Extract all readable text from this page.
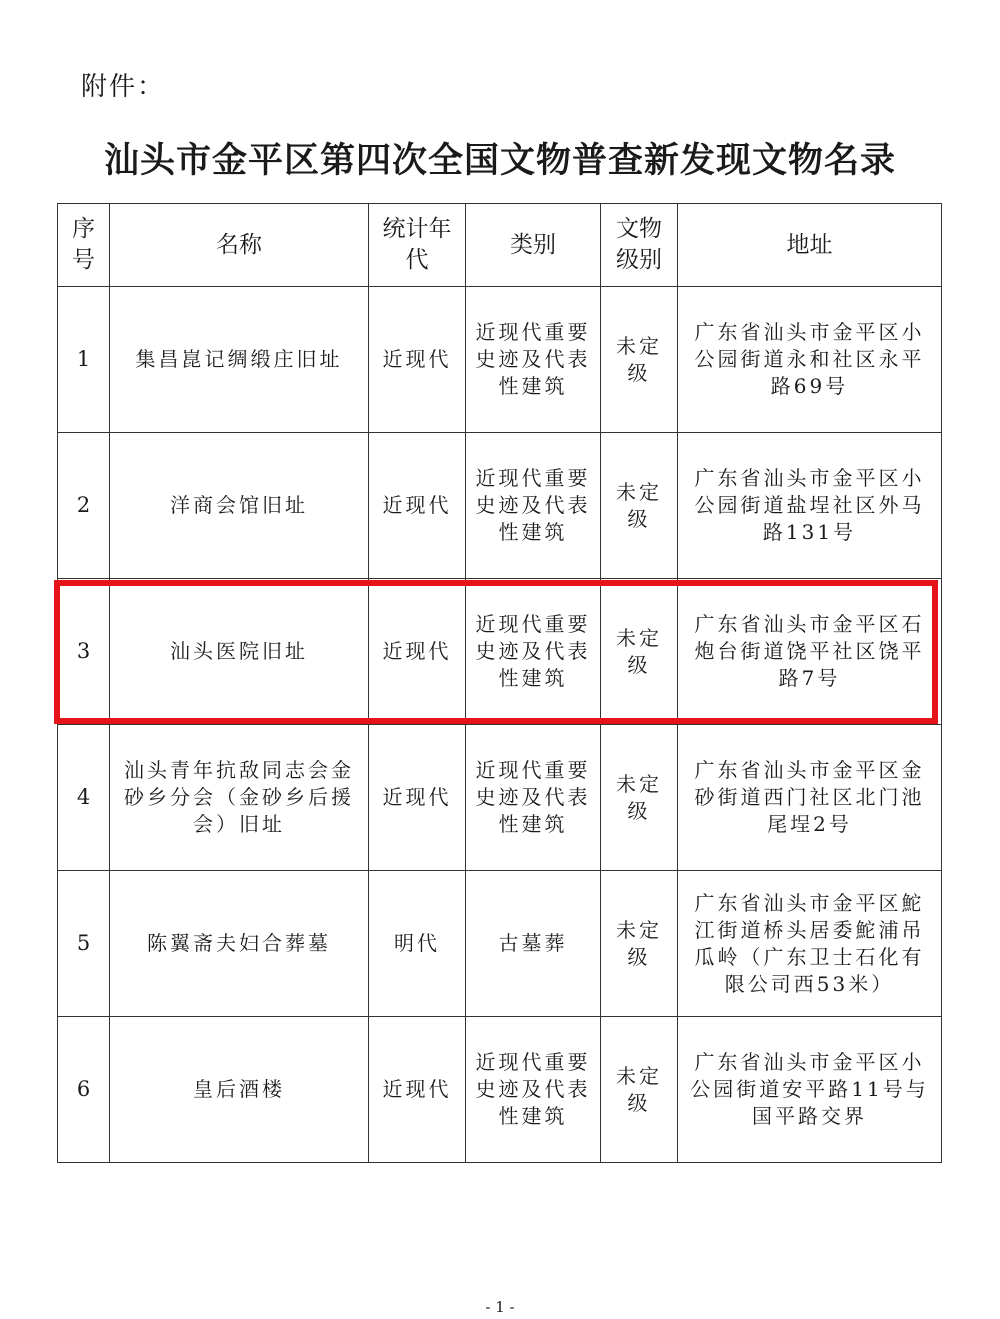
附件：
汕头市金平区第四次全国文物普查新发现文物名录
序号	名称	统计年代	类别	文物级别	地址
1	集昌崑记绸缎庄旧址	近现代	近现代重要史迹及代表性建筑	未定级	广东省汕头市金平区小公园街道永和社区永平路69号
2	洋商会馆旧址	近现代	近现代重要史迹及代表性建筑	未定级	广东省汕头市金平区小公园街道盐埕社区外马路131号
3	汕头医院旧址	近现代	近现代重要史迹及代表性建筑	未定级	广东省汕头市金平区石炮台街道饶平社区饶平路7号
4	汕头青年抗敌同志会金砂乡分会（金砂乡后援会）旧址	近现代	近现代重要史迹及代表性建筑	未定级	广东省汕头市金平区金砂街道西门社区北门池尾埕2号
5	陈翼斋夫妇合葬墓	明代	古墓葬	未定级	广东省汕头市金平区鮀江街道桥头居委鮀浦吊瓜岭（广东卫士石化有限公司西53米）
6	皇后酒楼	近现代	近现代重要史迹及代表性建筑	未定级	广东省汕头市金平区小公园街道安平路11号与国平路交界
- 1 -
